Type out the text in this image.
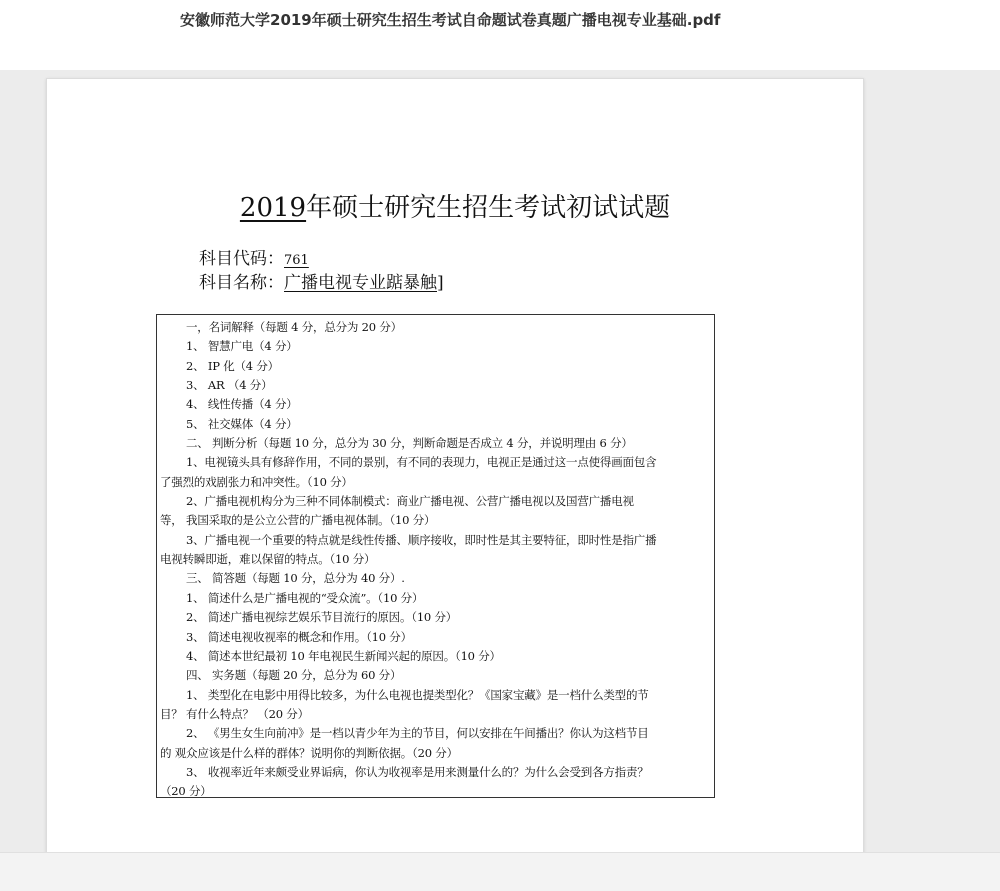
安徽师范大学2019年硕士研究生招生考试自命题试卷真题广播电视专业基础.pdf
2019年硕士研究生招生考试初试试题
科目代码：761
科目名称：广播电视专业踮暴触]
一，名词解释（每题 4 分，总分为 20 分）
1、 智慧广电（4 分）
2、 IP 化（4 分）
3、 AR （4 分）
4、 线性传播（4 分）
5、 社交媒体（4 分）
二、 判断分析（每题 10 分，总分为 30 分，判断命题是否成立 4 分，并说明理由 6 分）
1、电视镜头具有修辞作用，不同的景别，有不同的表现力，电视正是通过这一点使得画面包含
了强烈的戏剧张力和冲突性。（10 分）
2、广播电视机构分为三种不同体制模式：商业广播电视、公营广播电视以及国营广播电视
等， 我国采取的是公立公营的广播电视体制。（10 分）
3、广播电视一个重要的特点就是线性传播、顺序接收，即时性是其主要特征，即时性是指广播
电视转瞬即逝，难以保留的特点。（10 分）
三、 简答题（每题 10 分，总分为 40 分）.
1、 简述什么是广播电视的“受众流”。（10 分）
2、 简述广播电视综艺娱乐节目流行的原因。（10 分）
3、 简述电视收视率的概念和作用。（10 分）
4、 简述本世纪最初 10 年电视民生新闻兴起的原因。（10 分）
四、 实务题（每题 20 分，总分为 60 分）
1、 类型化在电影中用得比较多，为什么电视也提类型化？《国家宝藏》是一档什么类型的节
目？ 有什么特点？ （20 分）
2、 《男生女生向前冲》是一档以青少年为主的节目，何以安排在午间播出？你认为这档节目
的 观众应该是什么样的群体？说明你的判断依据。（20 分）
3、 收视率近年来颇受业界诟病，你认为收视率是用来测量什么的？为什么会受到各方指责？
（20 分）
